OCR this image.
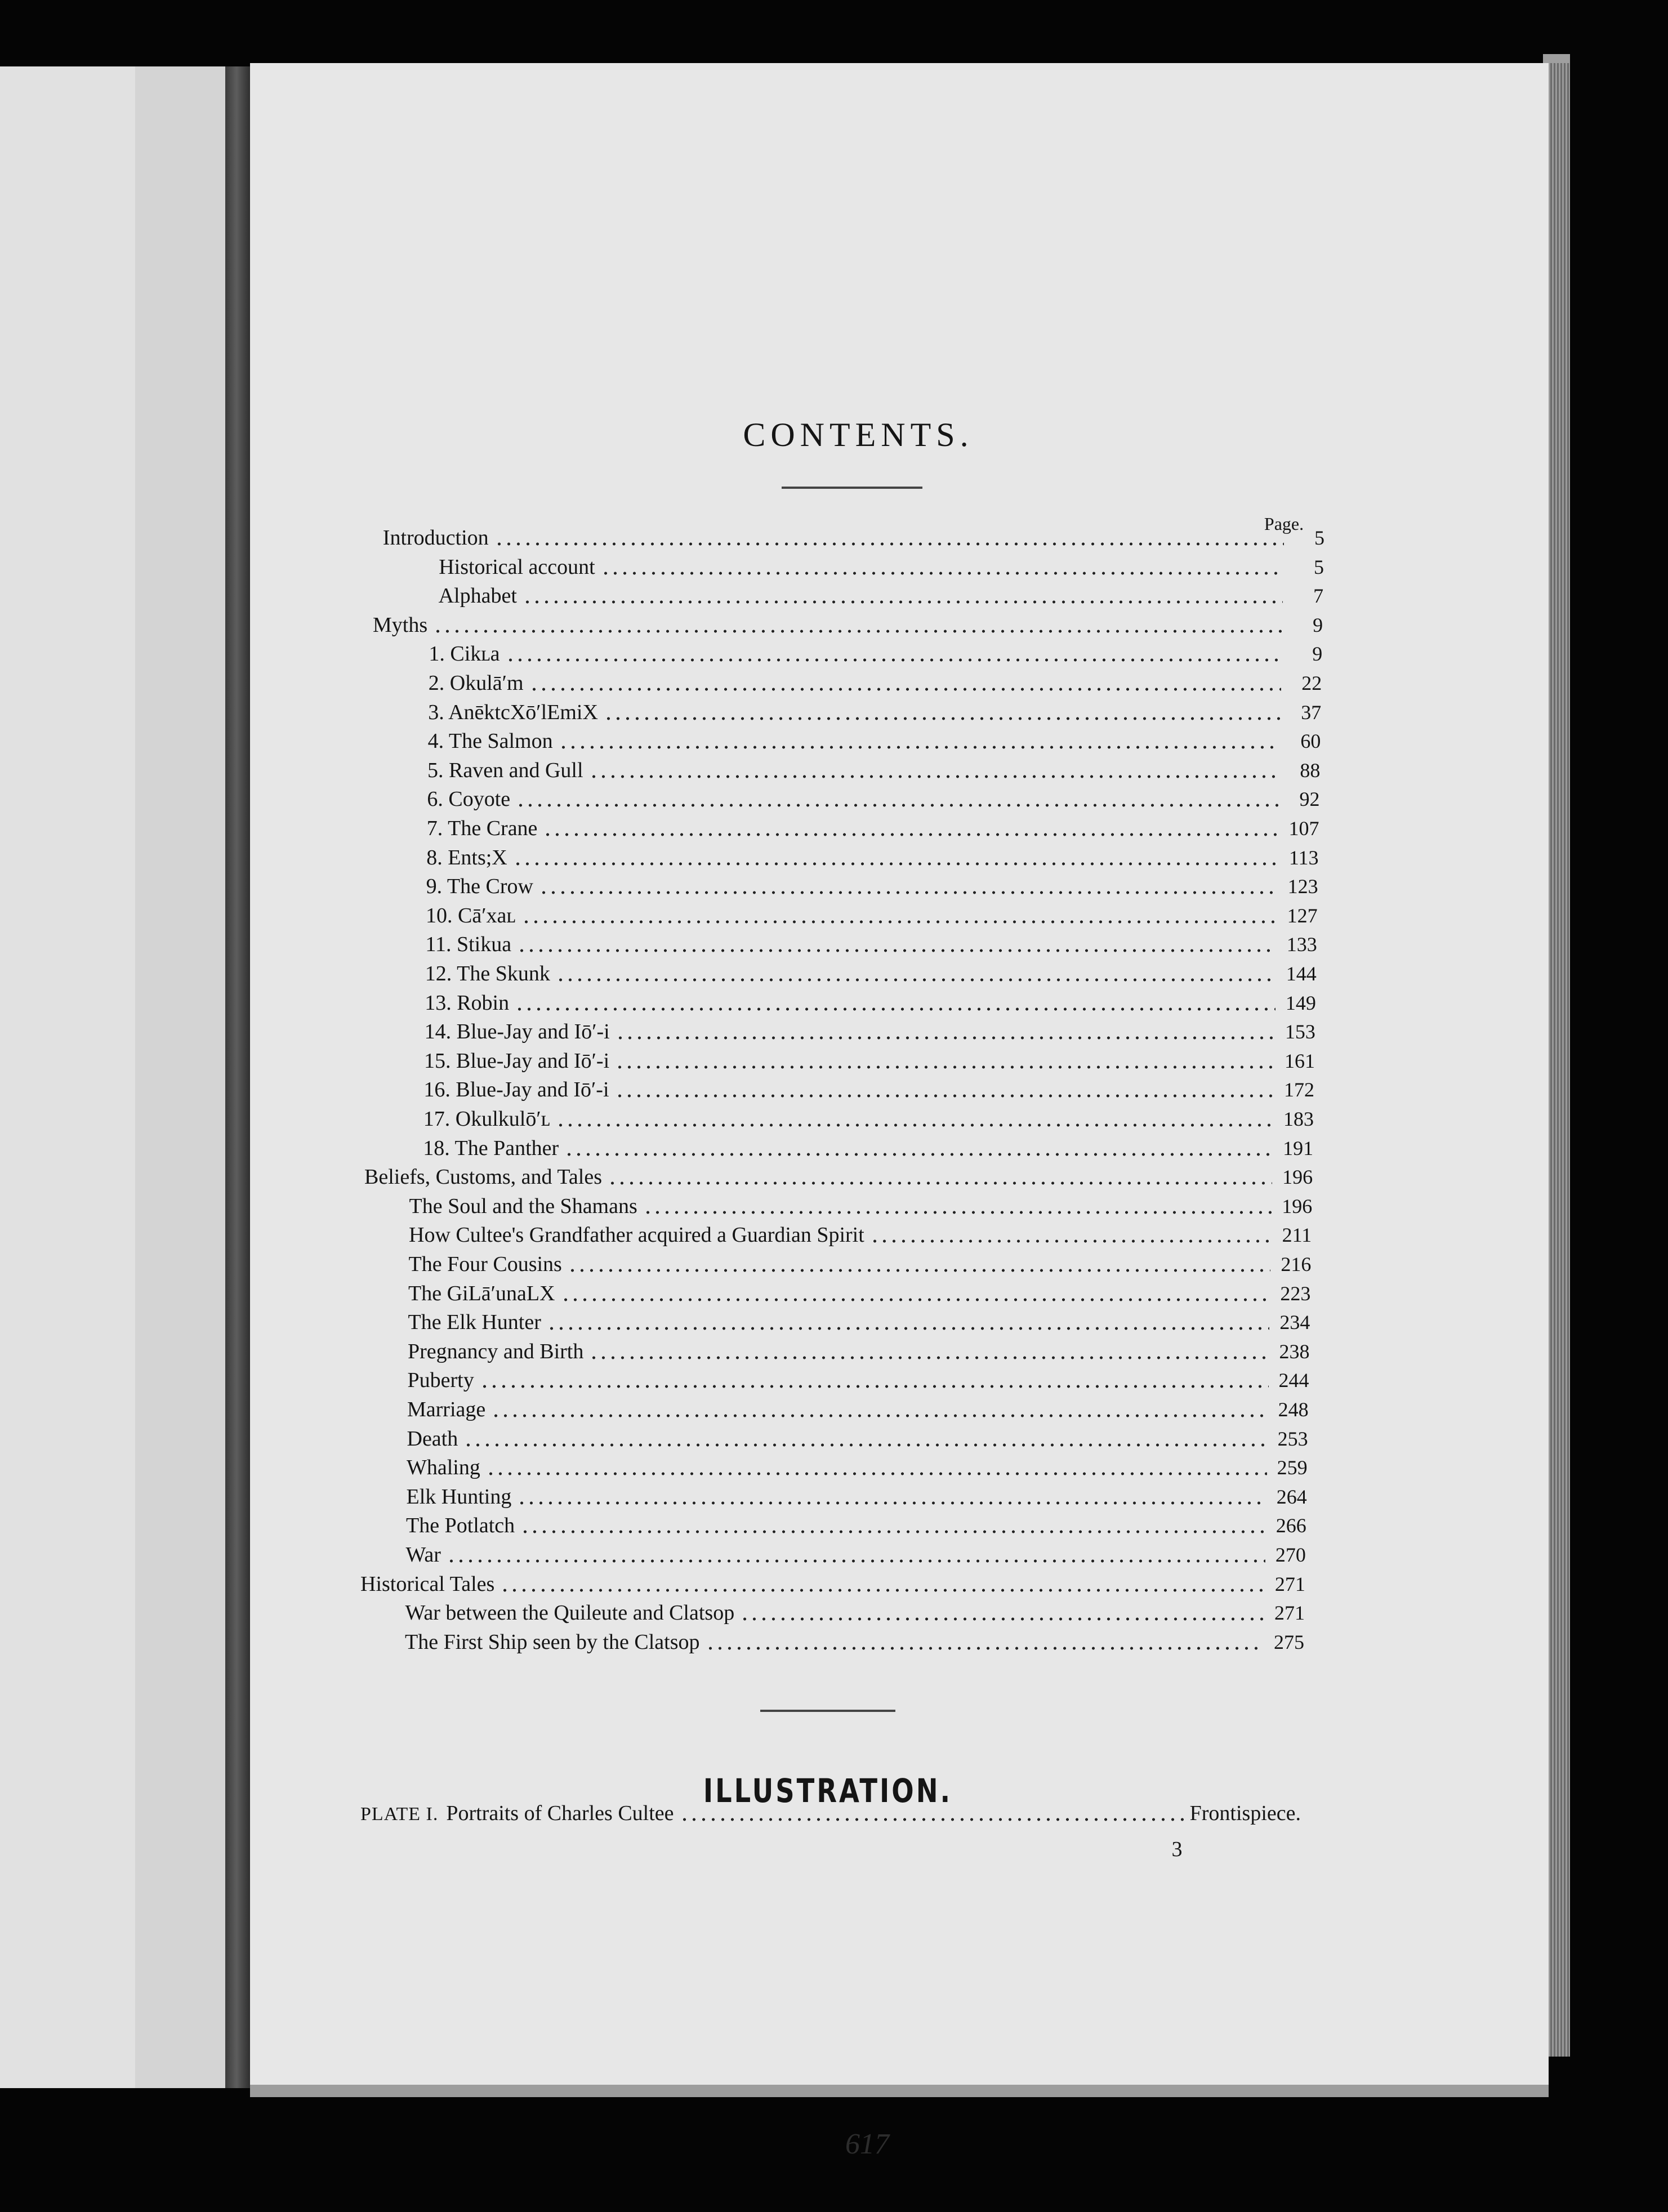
CONTENTS.
Page.
Introduction	5
Historical account	5
Alphabet	7
Myths	9
1. Cikʟa	9
2. Okulā′m	22
3. AnēktcXō′lEmiX	37
4. The Salmon	60
5. Raven and Gull	88
6. Coyote	92
7. The Crane	107
8. Ents;X	113
9. The Crow	123
10. Cā′xaʟ	127
11. Stikua	133
12. The Skunk	144
13. Robin	149
14. Blue-Jay and Iō′-i	153
15. Blue-Jay and Iō′-i	161
16. Blue-Jay and Iō′-i	172
17. Okulkulō′ʟ	183
18. The Panther	191
Beliefs, Customs, and Tales	196
The Soul and the Shamans	196
How Cultee's Grandfather acquired a Guardian Spirit	211
The Four Cousins	216
The GiLā′unaLX	223
The Elk Hunter	234
Pregnancy and Birth	238
Puberty	244
Marriage	248
Death	253
Whaling	259
Elk Hunting	264
The Potlatch	266
War	270
Historical Tales	271
War between the Quileute and Clatsop	271
The First Ship seen by the Clatsop	275
ILLUSTRATION.
PLATE I. Portraits of Charles Cultee	Frontispiece.
3
617
